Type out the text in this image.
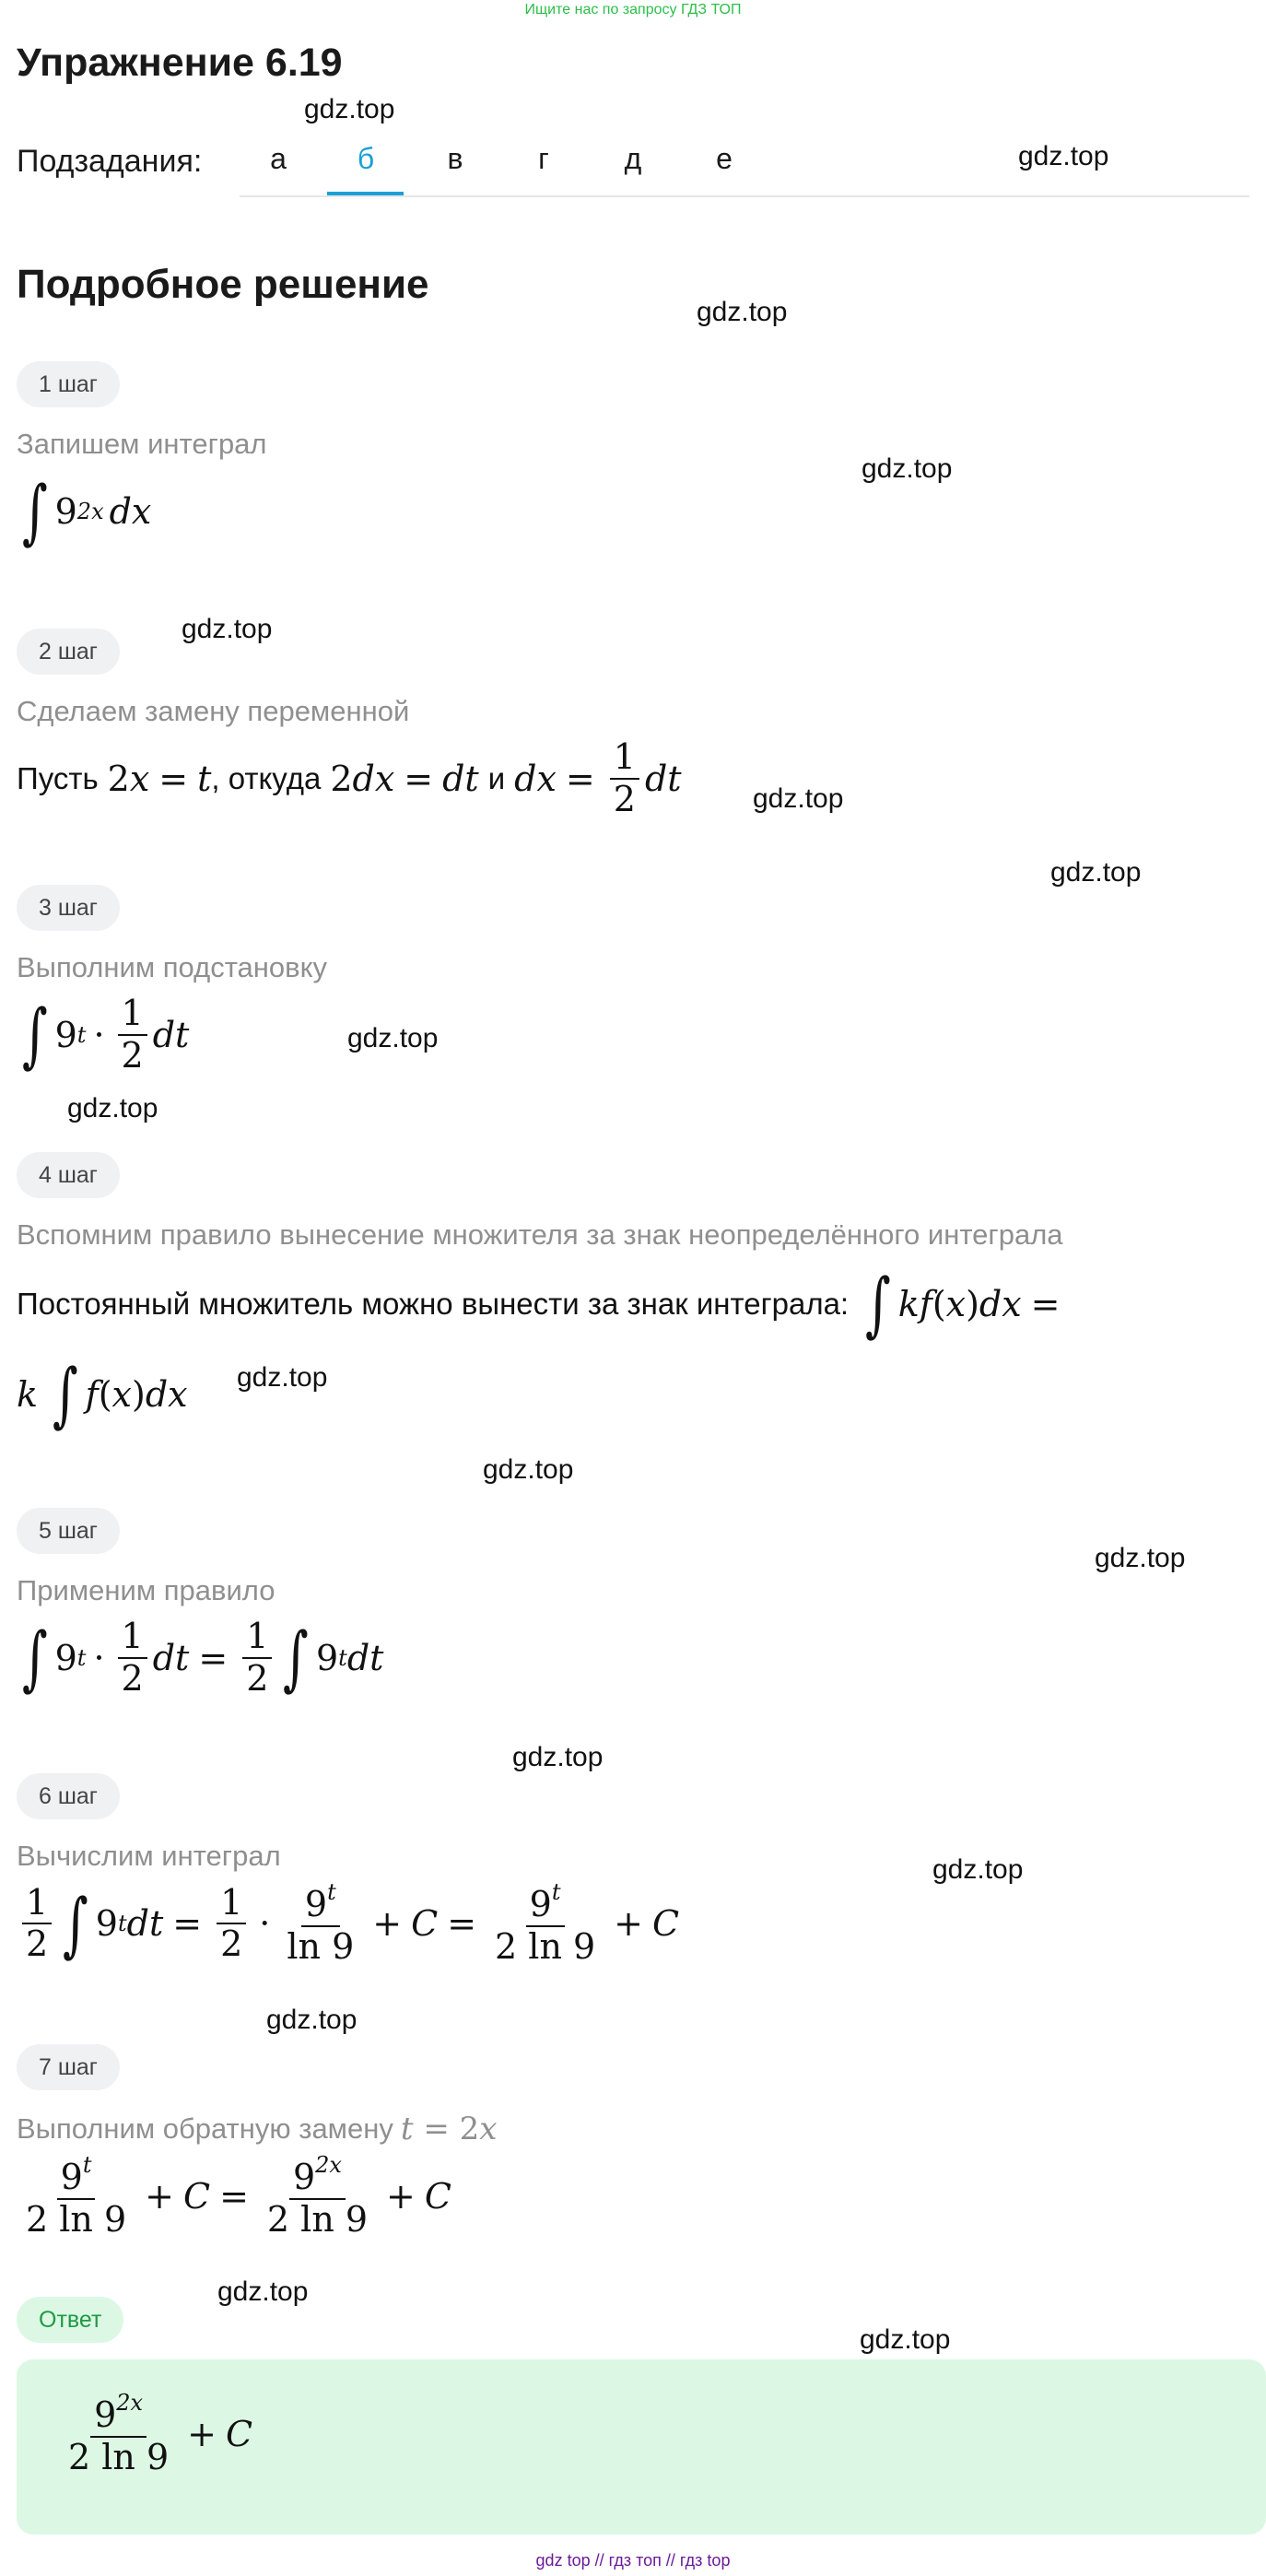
Ищите нас по запросу ГДЗ ТОП
Упражнение 6.19
Подзадания:	а	б	в	г	д	е
Подробное решение
gdz.top
gdz.top
gdz.top
gdz.top
gdz.top
gdz.top
gdz.top
gdz.top
gdz.top
gdz.top
gdz.top
gdz.top
gdz.top
gdz.top
gdz.top
gdz.top
gdz.top
1 шаг
Запишем интеграл
∫ 9 2x dx
2 шаг
Сделаем замену переменной
Пусть 2x = t , откуда 2dx = dt и dx = $\frac{1}{2}$ dt
3 шаг
Выполним подстановку
∫ 9 $t \cdot \frac{1}{2}$ dt
4 шаг
Вспомним правило вынесение множителя за знак неопределённого интеграла
Постоянный множитель можно вынести за знак интеграла: ∫ kf ( x ) dx =
k ∫ f ( x ) dx
5 шаг
Применим правило
∫ 9 $t \cdot \frac{1}{2}$ dt = $\frac{1}{2}$ ∫ 9 t dt
6 шаг
Вычислим интеграл
$\frac{1}{2}$ ∫ 9 t dt = $\frac{1}{2} \cdot \frac{9^t}{\ln 9} + C = \frac{9^t}{2 \ln 9} + C$
7 шаг
Выполним обратную замену t = 2x
$\frac{9^t}{2 \ln 9} + C = \frac{9^{2x}}{2 \ln 9} + C$
Ответ
$\frac{9^{2x}}{2 \ln 9} + C$
gdz top // гдз топ // гдз top
